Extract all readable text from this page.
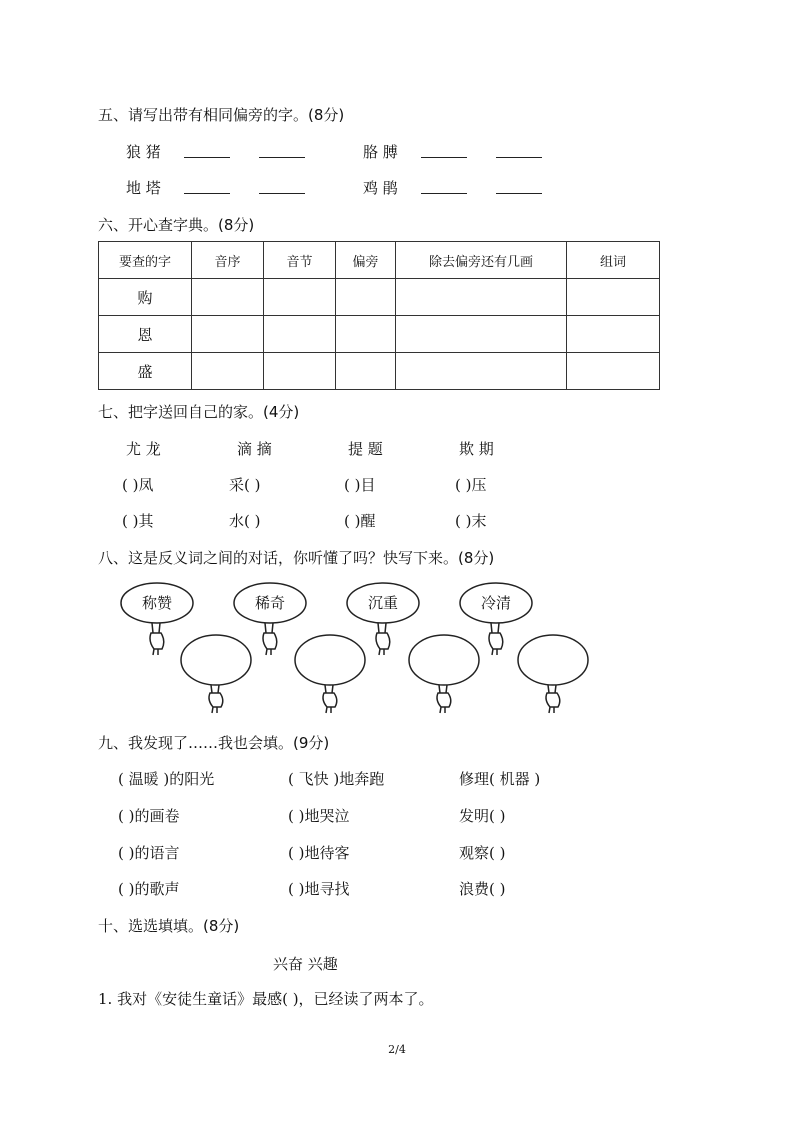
五、请写出带有相同偏旁的字。(8分)
狼 猪	胳 膊
地 塔	鸡 鹃
六、开心查字典。(8分)
要查的字	音序	音节	偏旁	除去偏旁还有几画	组词
购					
恩					
盛					
七、把字送回自己的家。(4分)
尤 龙	滴 摘	提 题	欺 期
( )凤	采( )	( )目	( )压
( )其	水( )	( )醒	( )末
八、这是反义词之间的对话，你听懂了吗？快写下来。(8分)
称赞	稀奇	沉重	冷清
九、我发现了……我也会填。(9分)
( 温暖 )的阳光	( 飞快 )地奔跑	修理( 机器 )
( )的画卷	( )地哭泣	发明( )
( )的语言	( )地待客	观察( )
( )的歌声	( )地寻找	浪费( )
十、选选填填。(8分)
兴奋 兴趣
1. 我对《安徒生童话》最感( )，已经读了两本了。
2/4
